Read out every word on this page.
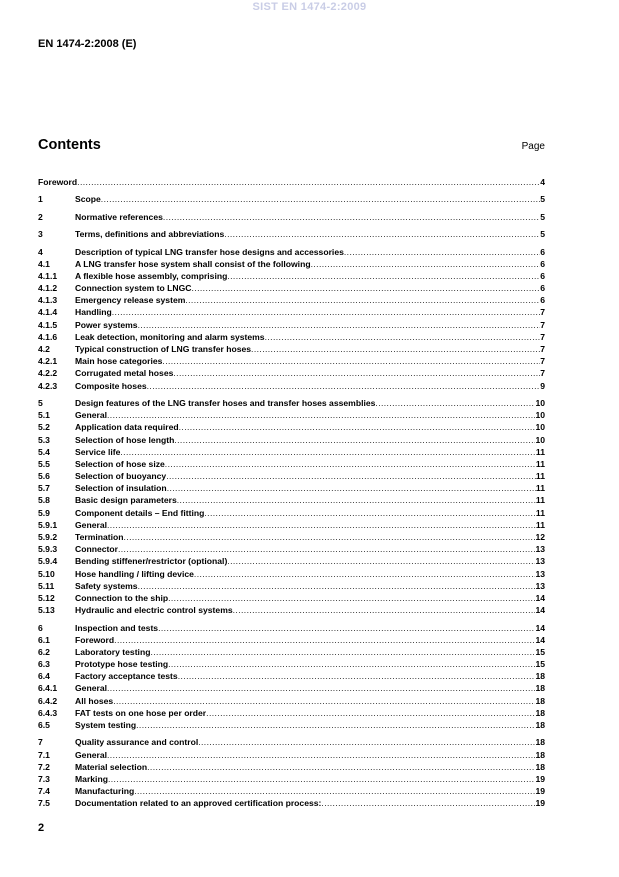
SIST EN 1474-2:2009
EN 1474-2:2008 (E)
Contents	Page
Foreword .....	4
1	Scope .....	5
2	Normative references .....	5
3	Terms, definitions and abbreviations .....	5
4	Description of typical LNG transfer hose designs and accessories .....	6
4.1	A LNG transfer hose system shall consist of the following .....	6
4.1.1	A flexible hose assembly, comprising .....	6
4.1.2	Connection system to LNGC .....	6
4.1.3	Emergency release system .....	6
4.1.4	Handling .....	7
4.1.5	Power systems .....	7
4.1.6	Leak detection, monitoring and alarm systems .....	7
4.2	Typical construction of LNG transfer hoses .....	7
4.2.1	Main hose categories .....	7
4.2.2	Corrugated metal hoses .....	7
4.2.3	Composite hoses .....	9
5	Design features of the LNG transfer hoses and transfer hoses assemblies .....	10
5.1	General .....	10
5.2	Application data required .....	10
5.3	Selection of hose length .....	10
5.4	Service life .....	11
5.5	Selection of hose size .....	11
5.6	Selection of buoyancy .....	11
5.7	Selection of insulation .....	11
5.8	Basic design parameters .....	11
5.9	Component details – End fitting .....	11
5.9.1	General .....	11
5.9.2	Termination .....	12
5.9.3	Connector .....	13
5.9.4	Bending stiffener/restrictor (optional) .....	13
5.10	Hose handling / lifting device .....	13
5.11	Safety systems .....	13
5.12	Connection to the ship .....	14
5.13	Hydraulic and electric control systems .....	14
6	Inspection and tests .....	14
6.1	Foreword .....	14
6.2	Laboratory testing .....	15
6.3	Prototype hose testing .....	15
6.4	Factory acceptance tests .....	18
6.4.1	General .....	18
6.4.2	All hoses .....	18
6.4.3	FAT tests on one hose per order .....	18
6.5	System testing .....	18
7	Quality assurance and control .....	18
7.1	General .....	18
7.2	Material selection .....	18
7.3	Marking .....	19
7.4	Manufacturing .....	19
7.5	Documentation related to an approved certification process: .....	19
2
